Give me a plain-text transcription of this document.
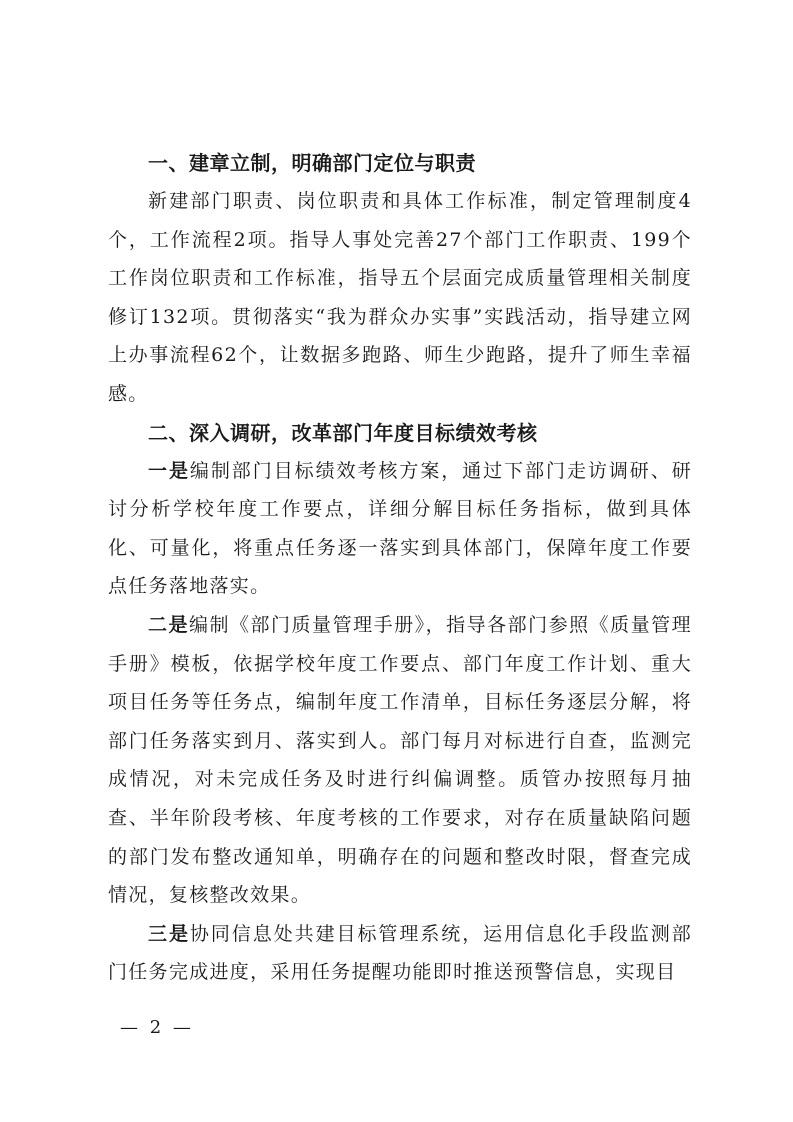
一、建章立制，明确部门定位与职责

新建部门职责、岗位职责和具体工作标准，制定管理制度4个，工作流程2项。指导人事处完善27个部门工作职责、199个工作岗位职责和工作标准，指导五个层面完成质量管理相关制度修订132项。贯彻落实“我为群众办实事”实践活动，指导建立网上办事流程62个，让数据多跑路、师生少跑路，提升了师生幸福感。

二、深入调研，改革部门年度目标绩效考核

一是编制部门目标绩效考核方案，通过下部门走访调研、研讨分析学校年度工作要点，详细分解目标任务指标，做到具体化、可量化，将重点任务逐一落实到具体部门，保障年度工作要点任务落地落实。

二是编制《部门质量管理手册》，指导各部门参照《质量管理手册》模板，依据学校年度工作要点、部门年度工作计划、重大项目任务等任务点，编制年度工作清单，目标任务逐层分解，将部门任务落实到月、落实到人。部门每月对标进行自查，监测完成情况，对未完成任务及时进行纠偏调整。质管办按照每月抽查、半年阶段考核、年度考核的工作要求，对存在质量缺陷问题的部门发布整改通知单，明确存在的问题和整改时限，督查完成情况，复核整改效果。

三是协同信息处共建目标管理系统，运用信息化手段监测部门任务完成进度，采用任务提醒功能即时推送预警信息，实现目

— 2 —
